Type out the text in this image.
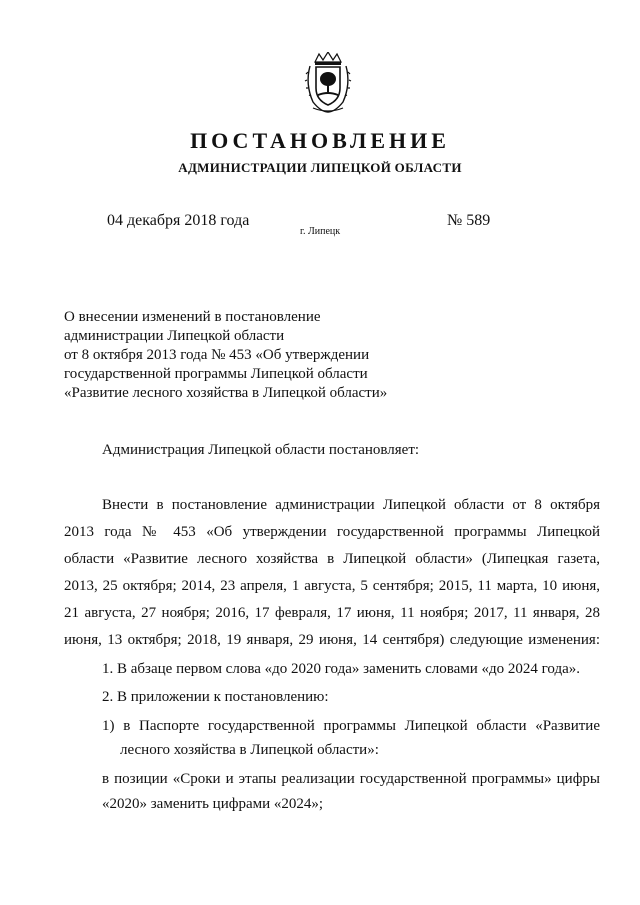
ПОСТАНОВЛЕНИЕ
АДМИНИСТРАЦИИ ЛИПЕЦКОЙ ОБЛАСТИ
04 декабря 2018 года
г. Липецк
№ 589
О внесении изменений в постановление
администрации Липецкой области
от 8 октября 2013 года № 453 «Об утверждении
государственной программы Липецкой области
«Развитие лесного хозяйства в Липецкой области»
Администрация Липецкой области постановляет:
Внести в постановление администрации Липецкой области от 8 октября
2013 года № 453 «Об утверждении государственной программы Липецкой
области «Развитие лесного хозяйства в Липецкой области» (Липецкая газета,
2013, 25 октября; 2014, 23 апреля, 1 августа, 5 сентября; 2015, 11 марта, 10 июня,
21 августа, 27 ноября; 2016, 17 февраля, 17 июня, 11 ноября; 2017, 11 января, 28
июня, 13 октября; 2018, 19 января, 29 июня, 14 сентября) следующие изменения:
1. В абзаце первом слова «до 2020 года» заменить словами «до 2024 года».
2. В приложении к постановлению:
1) в Паспорте государственной программы Липецкой области «Развитие
лесного хозяйства в Липецкой области»:
в позиции «Сроки и этапы реализации государственной программы» цифры
«2020» заменить цифрами «2024»;
